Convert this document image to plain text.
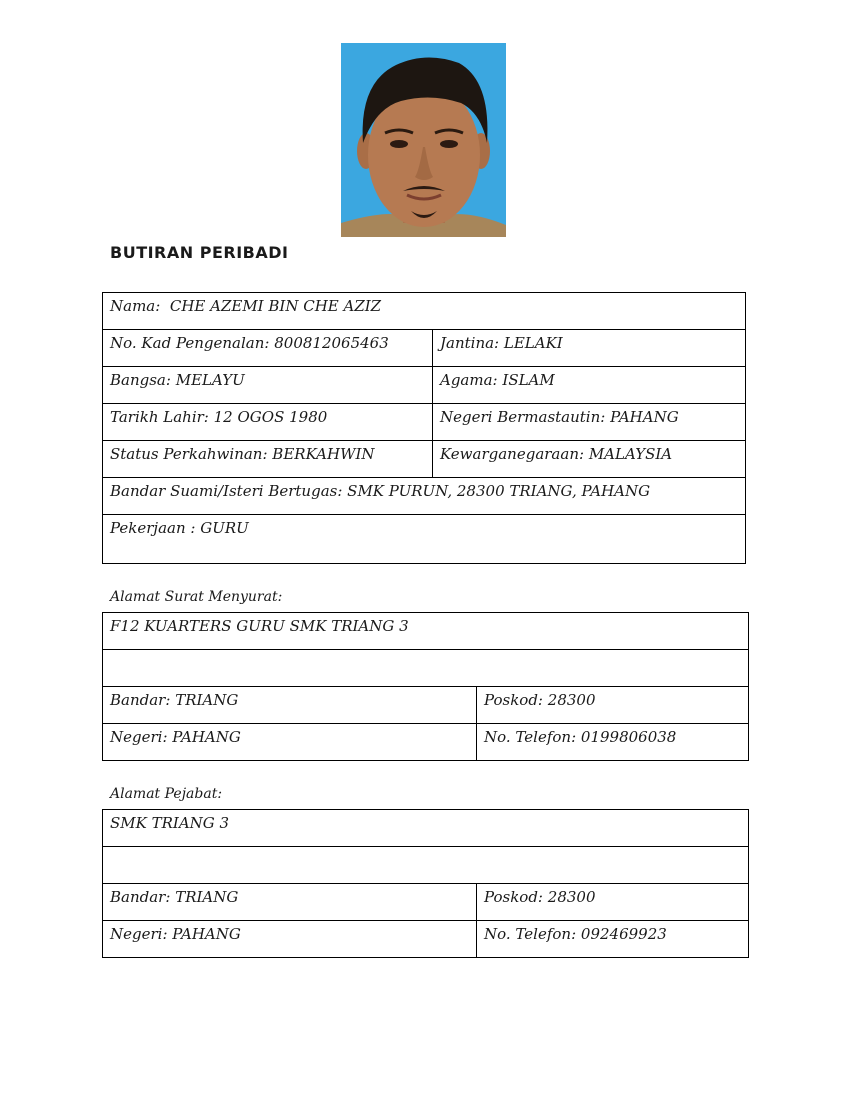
BUTIRAN PERIBADI
Nama: CHE AZEMI BIN CHE AZIZ	
No. Kad Pengenalan: 800812065463	Jantina: LELAKI
Bangsa: MELAYU	Agama: ISLAM
Tarikh Lahir: 12 OGOS 1980	Negeri Bermastautin: PAHANG
Status Perkahwinan: BERKAHWIN	Kewarganegaraan: MALAYSIA
Bandar Suami/Isteri Bertugas: SMK PURUN, 28300 TRIANG, PAHANG	
Pekerjaan : GURU	
Alamat Surat Menyurat:
F12 KUARTERS GURU SMK TRIANG 3	

Bandar: TRIANG	Poskod: 28300
Negeri: PAHANG	No. Telefon: 0199806038
Alamat Pejabat:
SMK TRIANG 3	

Bandar: TRIANG	Poskod: 28300
Negeri: PAHANG	No. Telefon: 092469923
